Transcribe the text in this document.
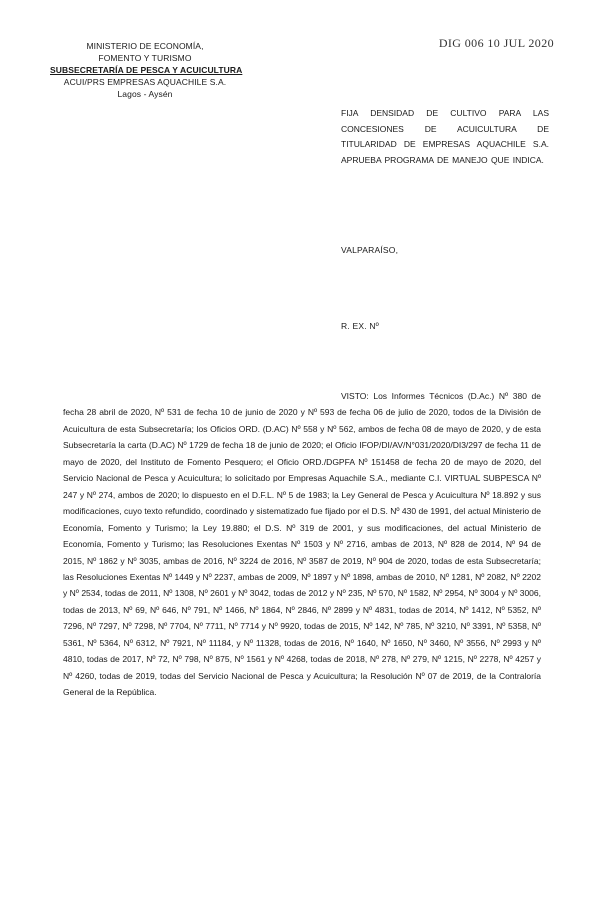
MINISTERIO DE ECONOMÍA,
FOMENTO Y TURISMO
SUBSECRETARÍA DE PESCA Y ACUICULTURA
ACUI/PRS EMPRESAS AQUACHILE S.A.
Lagos - Aysén
DIG 006 10 JUL 2020
FIJA DENSIDAD DE CULTIVO PARA LAS CONCESIONES DE ACUICULTURA DE TITULARIDAD DE EMPRESAS AQUACHILE S.A. APRUEBA PROGRAMA DE MANEJO QUE INDICA.
VALPARAÍSO,
R. EX. Nº
VISTO: Los Informes Técnicos (D.Ac.) Nº 380 de fecha 28 abril de 2020, Nº 531 de fecha 10 de junio de 2020 y Nº 593 de fecha 06 de julio de 2020, todos de la División de Acuicultura de esta Subsecretaría; los Oficios ORD. (D.AC) Nº 558 y Nº 562, ambos de fecha 08 de mayo de 2020, y de esta Subsecretaría la carta (D.AC) Nº 1729 de fecha 18 de junio de 2020; el Oficio IFOP/DI/AV/N°031/2020/DI3/297 de fecha 11 de mayo de 2020, del Instituto de Fomento Pesquero; el Oficio ORD./DGPFA Nº 151458 de fecha 20 de mayo de 2020, del Servicio Nacional de Pesca y Acuicultura; lo solicitado por Empresas Aquachile S.A., mediante C.I. VIRTUAL SUBPESCA Nº 247 y Nº 274, ambos de 2020; lo dispuesto en el D.F.L. Nº 5 de 1983; la Ley General de Pesca y Acuicultura Nº 18.892 y sus modificaciones, cuyo texto refundido, coordinado y sistematizado fue fijado por el D.S. Nº 430 de 1991, del actual Ministerio de Economía, Fomento y Turismo; la Ley 19.880; el D.S. Nº 319 de 2001, y sus modificaciones, del actual Ministerio de Economía, Fomento y Turismo; las Resoluciones Exentas Nº 1503 y Nº 2716, ambas de 2013, Nº 828 de 2014, Nº 94 de 2015, Nº 1862 y Nº 3035, ambas de 2016, Nº 3224 de 2016, Nº 3587 de 2019, Nº 904 de 2020, todas de esta Subsecretaría; las Resoluciones Exentas Nº 1449 y Nº 2237, ambas de 2009, Nº 1897 y Nº 1898, ambas de 2010, Nº 1281, Nº 2082, Nº 2202 y Nº 2534, todas de 2011, Nº 1308, Nº 2601 y Nº 3042, todas de 2012 y Nº 235, Nº 570, Nº 1582, Nº 2954, Nº 3004 y Nº 3006, todas de 2013, Nº 69, Nº 646, Nº 791, Nº 1466, Nº 1864, Nº 2846, Nº 2899 y Nº 4831, todas de 2014, Nº 1412, Nº 5352, Nº 7296, Nº 7297, Nº 7298, Nº 7704, Nº 7711, Nº 7714 y Nº 9920, todas de 2015, Nº 142, Nº 785, Nº 3210, Nº 3391, Nº 5358, Nº 5361, Nº 5364, Nº 6312, Nº 7921, Nº 11184, y Nº 11328, todas de 2016, Nº 1640, Nº 1650, Nº 3460, Nº 3556, Nº 2993 y Nº 4810, todas de 2017, Nº 72, Nº 798, Nº 875, Nº 1561 y Nº 4268, todas de 2018, Nº 278, Nº 279, Nº 1215, Nº 2278, Nº 4257 y Nº 4260, todas de 2019, todas del Servicio Nacional de Pesca y Acuicultura; la Resolución Nº 07 de 2019, de la Contraloría General de la República.
